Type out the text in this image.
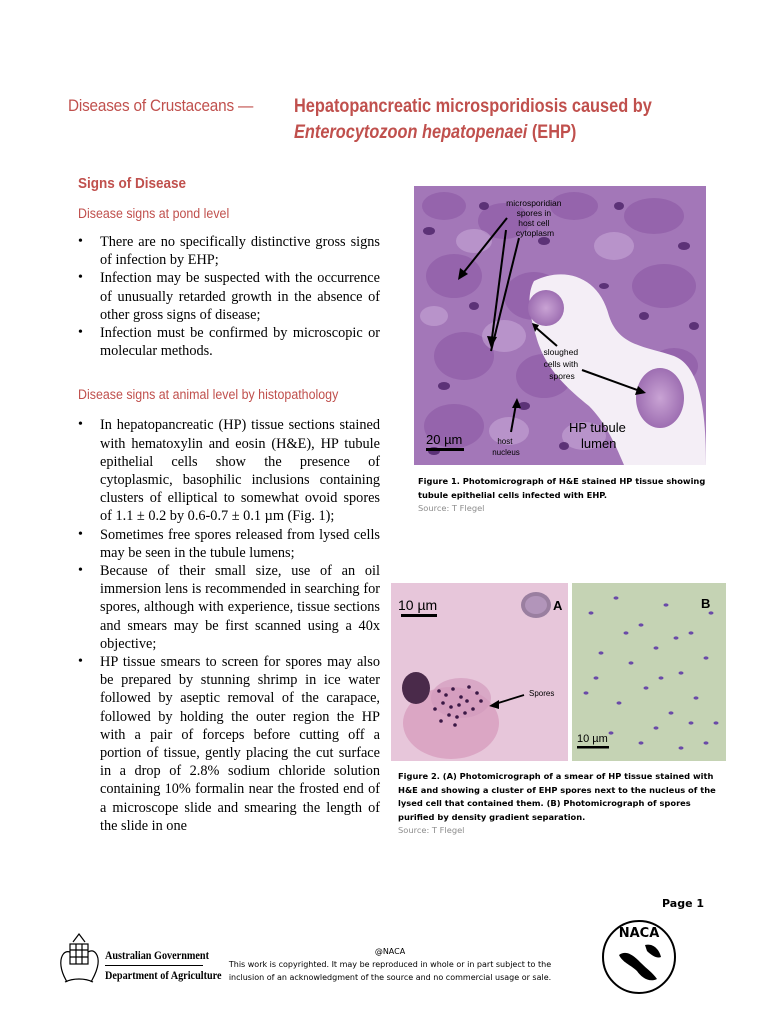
Diseases of Crustaceans — Hepatopancreatic microsporidiosis caused by
Enterocytozoon hepatopenaei (EHP)

Signs of Disease

Disease signs at pond level

• There are no specifically distinctive gross signs of infection by EHP;
• Infection may be suspected with the occurrence of unusually retarded growth in the absence of other gross signs of disease;
• Infection must be confirmed by microscopic or molecular methods.

Disease signs at animal level by histopathology

• In hepatopancreatic (HP) tissue sections stained with hematoxylin and eosin (H&E), HP tubule epithelial cells show the presence of cytoplasmic, basophilic inclusions containing clusters of elliptical to somewhat ovoid spores of 1.1 ± 0.2 by 0.6-0.7 ± 0.1 µm (Fig. 1);
• Sometimes free spores released from lysed cells may be seen in the tubule lumens;
• Because of their small size, use of an oil immersion lens is recommended in searching for spores, although with experience, tissue sections and smears may be first scanned using a 40x objective;
• HP tissue smears to screen for spores may also be prepared by stunning shrimp in ice water followed by aseptic removal of the carapace, followed by holding the outer region the HP with a pair of forceps before cutting off a portion of tissue, gently placing the cut surface in a drop of 2.8% sodium chloride solution containing 10% formalin near the frosted end of a microscope slide and smearing the length of the slide in one
microsporidian spores in host cell cytoplasm
sloughed cells with spores
host nucleus
HP tubule lumen
20 µm
Figure 1. Photomicrograph of H&E stained HP tissue showing tubule epithelial cells infected with EHP.
Source: T Flegel
Spores
10 µm	A
10 µm
B
Figure 2. (A) Photomicrograph of a smear of HP tissue stained with H&E and showing a cluster of EHP spores next to the nucleus of the lysed cell that contained them. (B) Photomicrograph of spores purified by density gradient separation.
Source: T Flegel
Page 1
Australian Government
Department of Agriculture
@NACA
This work is copyrighted. It may be reproduced in whole or in part subject to the inclusion of an acknowledgment of the source and no commercial usage or sale.
NACA
